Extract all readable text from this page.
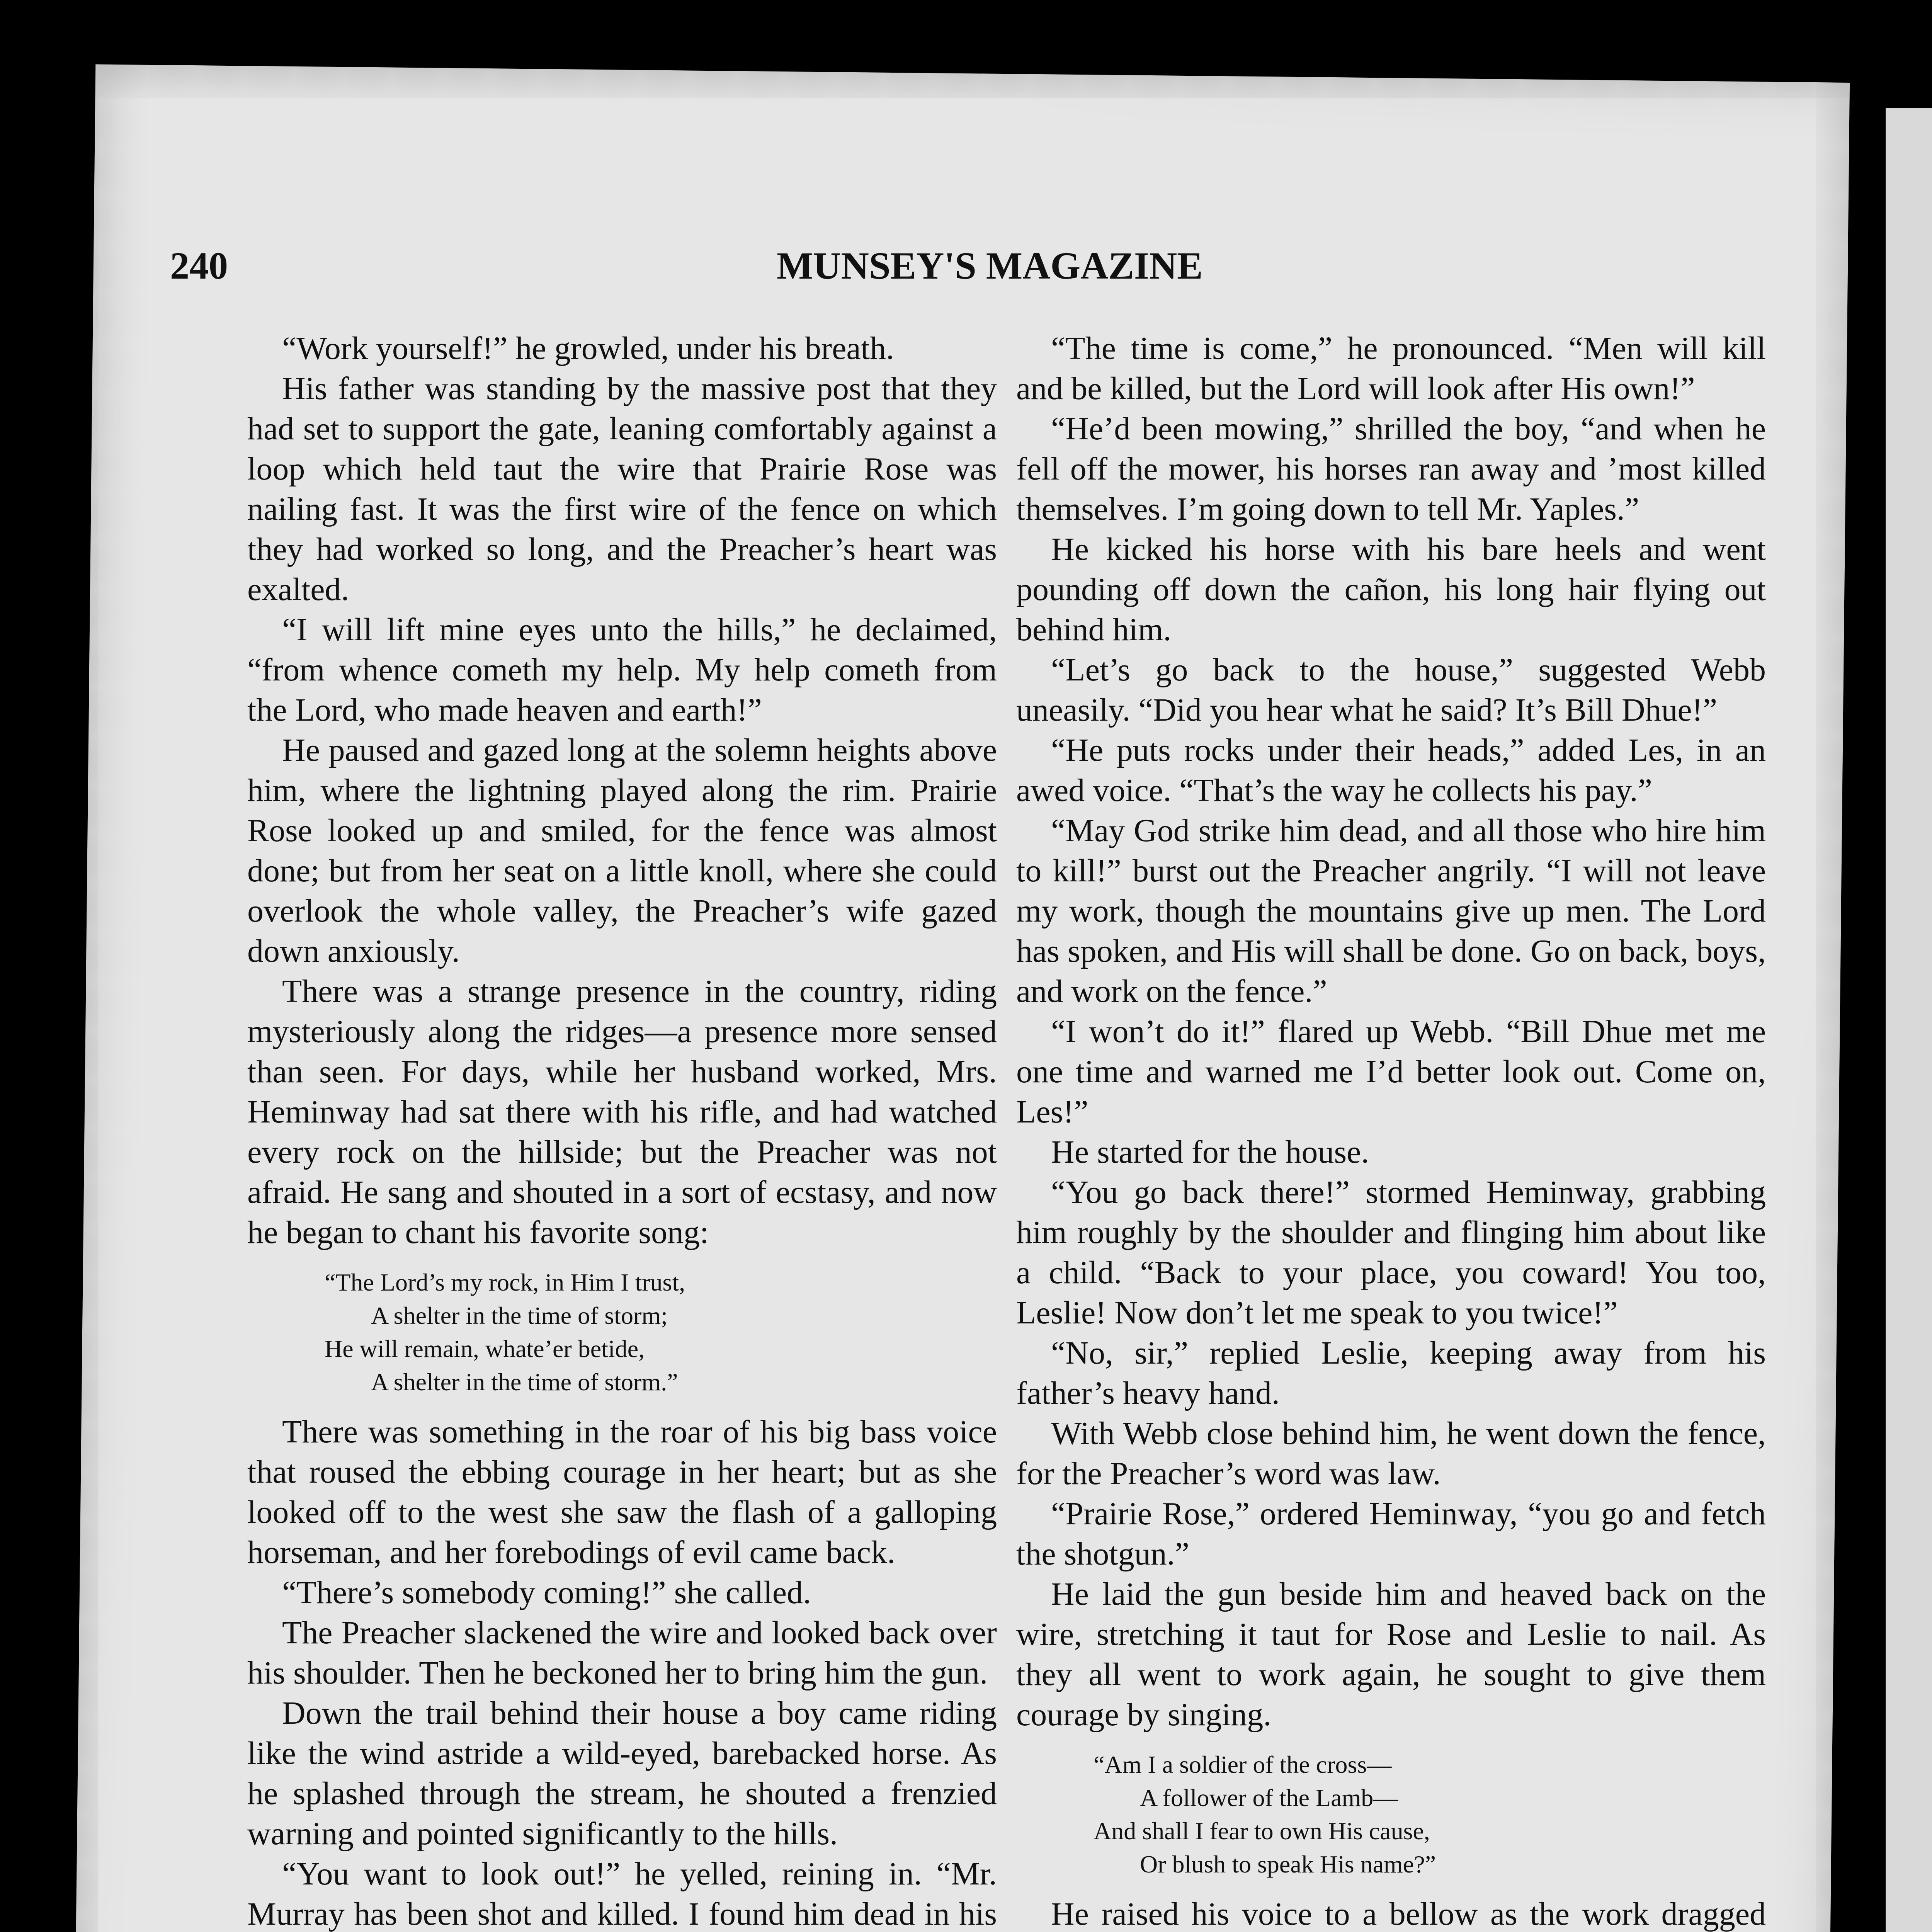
240	MUNSEY'S MAGAZINE

“Work yourself!” he growled, under his breath.

His father was standing by the massive post that they had set to support the gate, leaning comfortably against a loop which held taut the wire that Prairie Rose was nailing fast. It was the first wire of the fence on which they had worked so long, and the Preacher’s heart was exalted.

“I will lift mine eyes unto the hills,” he declaimed, “from whence cometh my help. My help cometh from the Lord, who made heaven and earth!”

He paused and gazed long at the solemn heights above him, where the lightning played along the rim. Prairie Rose looked up and smiled, for the fence was almost done; but from her seat on a little knoll, where she could overlook the whole valley, the Preacher’s wife gazed down anxiously.

There was a strange presence in the country, riding mysteriously along the ridges—a presence more sensed than seen. For days, while her husband worked, Mrs. Heminway had sat there with his rifle, and had watched every rock on the hillside; but the Preacher was not afraid. He sang and shouted in a sort of ecstasy, and now he began to chant his favorite song:

“The Lord’s my rock, in Him I trust,
A shelter in the time of storm;
He will remain, whate’er betide,
A shelter in the time of storm.”

There was something in the roar of his big bass voice that roused the ebbing courage in her heart; but as she looked off to the west she saw the flash of a galloping horseman, and her forebodings of evil came back.

“There’s somebody coming!” she called.

The Preacher slackened the wire and looked back over his shoulder. Then he beckoned her to bring him the gun.

Down the trail behind their house a boy came riding like the wind astride a wild-eyed, barebacked horse. As he splashed through the stream, he shouted a frenzied warning and pointed significantly to the hills.

“You want to look out!” he yelled, reining in. “Mr. Murray has been shot and killed. I found him dead in his

“The time is come,” he pronounced. “Men will kill and be killed, but the Lord will look after His own!”

“He’d been mowing,” shrilled the boy, “and when he fell off the mower, his horses ran away and ’most killed themselves. I’m going down to tell Mr. Yaples.”

He kicked his horse with his bare heels and went pounding off down the cañon, his long hair flying out behind him.

“Let’s go back to the house,” suggested Webb uneasily. “Did you hear what he said? It’s Bill Dhue!”

“He puts rocks under their heads,” added Les, in an awed voice. “That’s the way he collects his pay.”

“May God strike him dead, and all those who hire him to kill!” burst out the Preacher angrily. “I will not leave my work, though the mountains give up men. The Lord has spoken, and His will shall be done. Go on back, boys, and work on the fence.”

“I won’t do it!” flared up Webb. “Bill Dhue met me one time and warned me I’d better look out. Come on, Les!”

He started for the house.

“You go back there!” stormed Heminway, grabbing him roughly by the shoulder and flinging him about like a child. “Back to your place, you coward! You too, Leslie! Now don’t let me speak to you twice!”

“No, sir,” replied Leslie, keeping away from his father’s heavy hand.

With Webb close behind him, he went down the fence, for the Preacher’s word was law.

“Prairie Rose,” ordered Heminway, “you go and fetch the shotgun.”

He laid the gun beside him and heaved back on the wire, stretching it taut for Rose and Leslie to nail. As they all went to work again, he sought to give them courage by singing.

“Am I a soldier of the cross—
A follower of the Lamb—
And shall I fear to own His cause,
Or blush to speak His name?”

He raised his voice to a bellow as the work dragged
